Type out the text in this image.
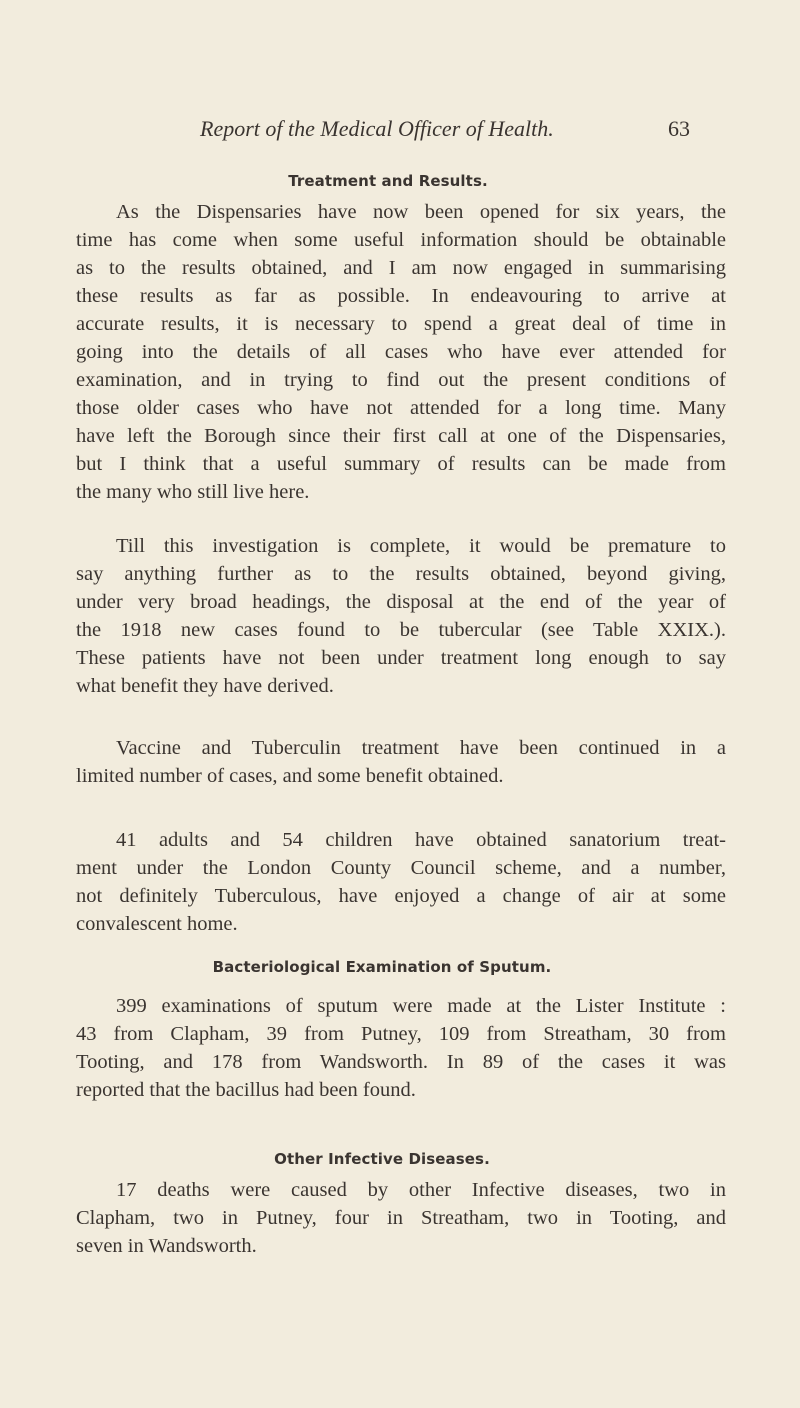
Report of the Medical Officer of Health.	63
Treatment and Results.
As the Dispensaries have now been opened for six years, the
time has come when some useful information should be obtainable
as to the results obtained, and I am now engaged in summarising
these results as far as possible. In endeavouring to arrive at
accurate results, it is necessary to spend a great deal of time in
going into the details of all cases who have ever attended for
examination, and in trying to find out the present conditions of
those older cases who have not attended for a long time. Many
have left the Borough since their first call at one of the Dispensaries,
but I think that a useful summary of results can be made from
the many who still live here.
Till this investigation is complete, it would be premature to
say anything further as to the results obtained, beyond giving,
under very broad headings, the disposal at the end of the year of
the 1918 new cases found to be tubercular (see Table XXIX.).
These patients have not been under treatment long enough to say
what benefit they have derived.
Vaccine and Tuberculin treatment have been continued in a
limited number of cases, and some benefit obtained.
41 adults and 54 children have obtained sanatorium treat-
ment under the London County Council scheme, and a number,
not definitely Tuberculous, have enjoyed a change of air at some
convalescent home.
Bacteriological Examination of Sputum.
399 examinations of sputum were made at the Lister Institute :
43 from Clapham, 39 from Putney, 109 from Streatham, 30 from
Tooting, and 178 from Wandsworth. In 89 of the cases it was
reported that the bacillus had been found.
Other Infective Diseases.
17 deaths were caused by other Infective diseases, two in
Clapham, two in Putney, four in Streatham, two in Tooting, and
seven in Wandsworth.
